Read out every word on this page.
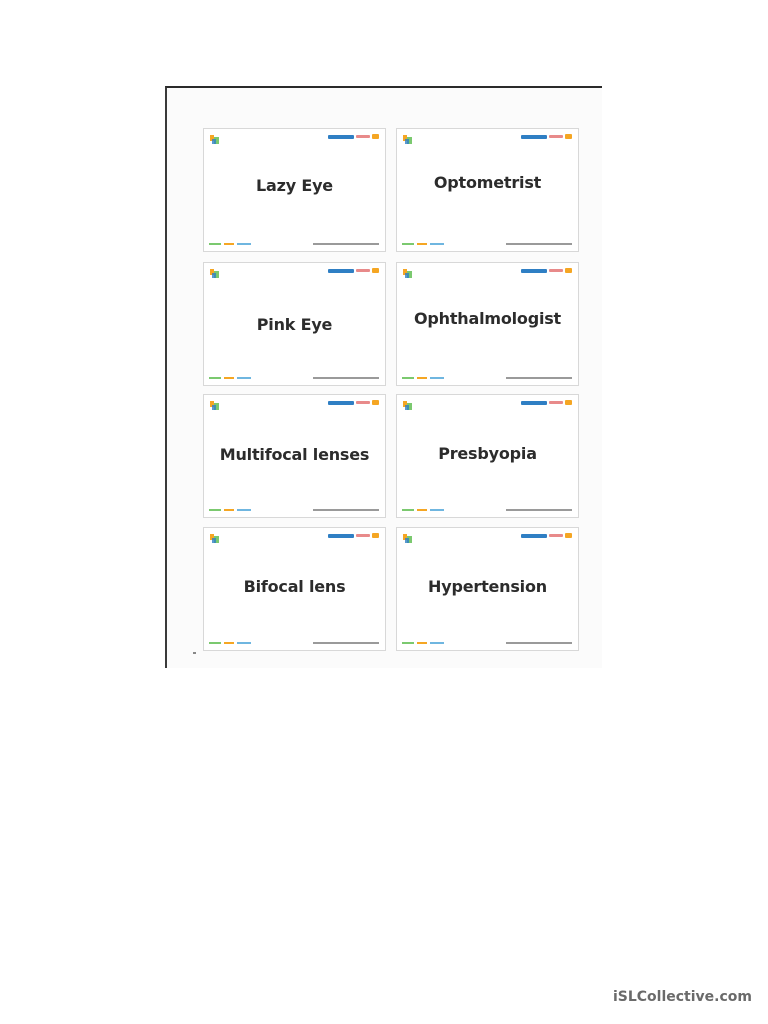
Lazy Eye	Optometrist
Pink Eye	Ophthalmologist
Multifocal lenses	Presbyopia
Bifocal lens	Hypertension
iSLCollective.com
